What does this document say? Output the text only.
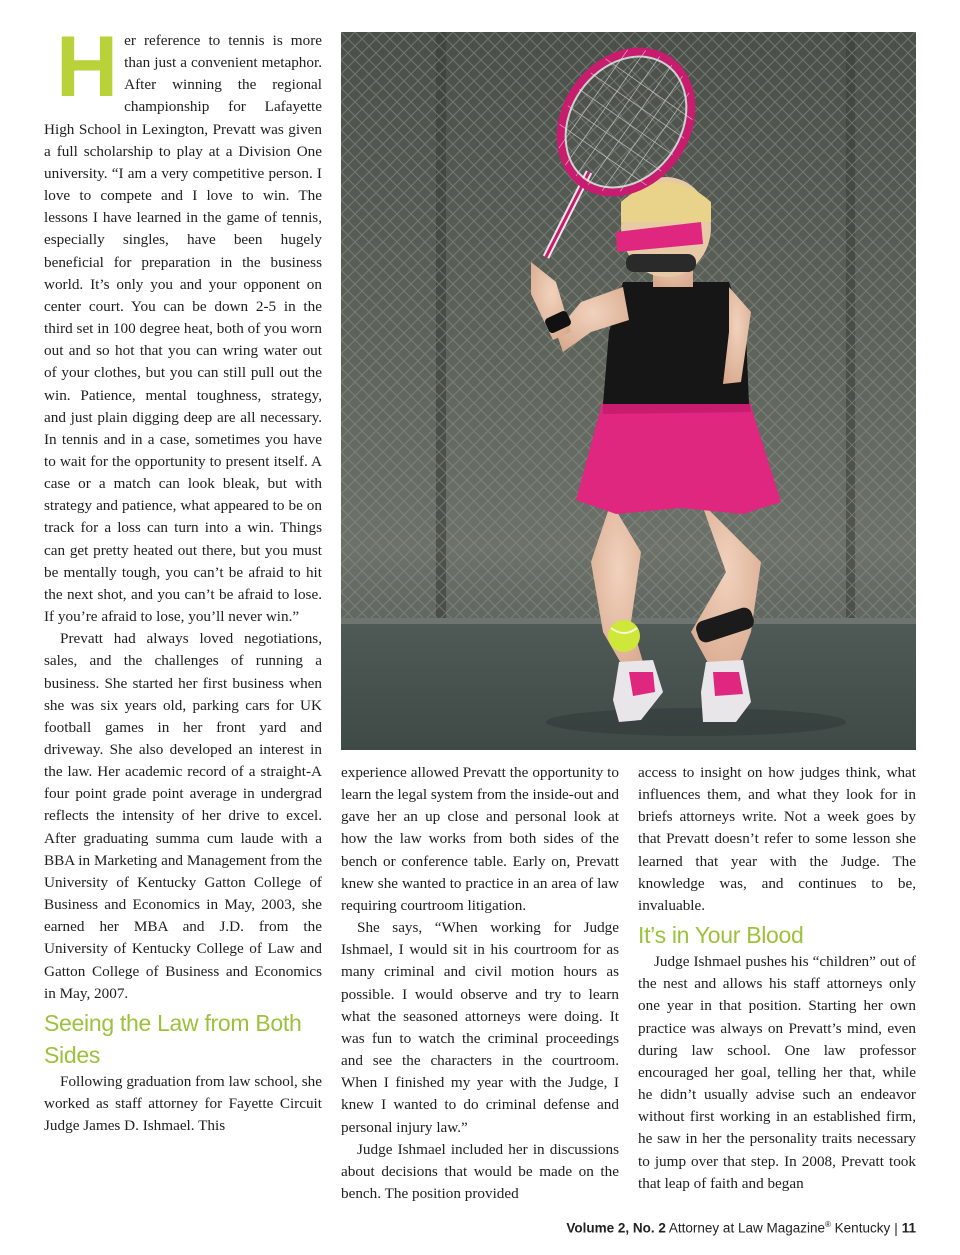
H er reference to tennis is more than just a convenient metaphor. After winning the regional championship for Lafayette High School in Lexington, Prevatt was given a full scholarship to play at a Division One university. “I am a very competitive person. I love to compete and I love to win. The lessons I have learned in the game of tennis, especially singles, have been hugely beneficial for preparation in the business world. It’s only you and your opponent on center court. You can be down 2-5 in the third set in 100 degree heat, both of you worn out and so hot that you can wring water out of your clothes, but you can still pull out the win. Patience, mental toughness, strategy, and just plain digging deep are all necessary. In tennis and in a case, sometimes you have to wait for the opportunity to present itself. A case or a match can look bleak, but with strategy and patience, what appeared to be on track for a loss can turn into a win. Things can get pretty heated out there, but you must be mentally tough, you can’t be afraid to hit the next shot, and you can’t be afraid to lose. If you’re afraid to lose, you’ll never win.”

Prevatt had always loved negotiations, sales, and the challenges of running a business. She started her first business when she was six years old, parking cars for UK football games in her front yard and driveway. She also developed an interest in the law. Her academic record of a straight-A four point grade point average in undergrad reflects the intensity of her drive to excel. After graduating summa cum laude with a BBA in Marketing and Management from the University of Kentucky Gatton College of Business and Economics in May, 2003, she earned her MBA and J.D. from the University of Kentucky College of Law and Gatton College of Business and Economics in May, 2007.

Seeing the Law from Both Sides

Following graduation from law school, she worked as staff attorney for Fayette Circuit Judge James D. Ishmael. This

experience allowed Prevatt the opportunity to learn the legal system from the inside-out and gave her an up close and personal look at how the law works from both sides of the bench or conference table. Early on, Prevatt knew she wanted to practice in an area of law requiring courtroom litigation.

She says, “When working for Judge Ishmael, I would sit in his courtroom for as many criminal and civil motion hours as possible. I would observe and try to learn what the seasoned attorneys were doing. It was fun to watch the criminal proceedings and see the characters in the courtroom. When I finished my year with the Judge, I knew I wanted to do criminal defense and personal injury law.”

Judge Ishmael included her in discussions about decisions that would be made on the bench. The position provided

access to insight on how judges think, what influences them, and what they look for in briefs attorneys write. Not a week goes by that Prevatt doesn’t refer to some lesson she learned that year with the Judge. The knowledge was, and continues to be, invaluable.

It’s in Your Blood

Judge Ishmael pushes his “children” out of the nest and allows his staff attorneys only one year in that position. Starting her own practice was always on Prevatt’s mind, even during law school. One law professor encouraged her goal, telling her that, while he didn’t usually advise such an endeavor without first working in an established firm, he saw in her the personality traits necessary to jump over that step. In 2008, Prevatt took that leap of faith and began

Volume 2, No. 2 Attorney at Law Magazine® Kentucky | 11
